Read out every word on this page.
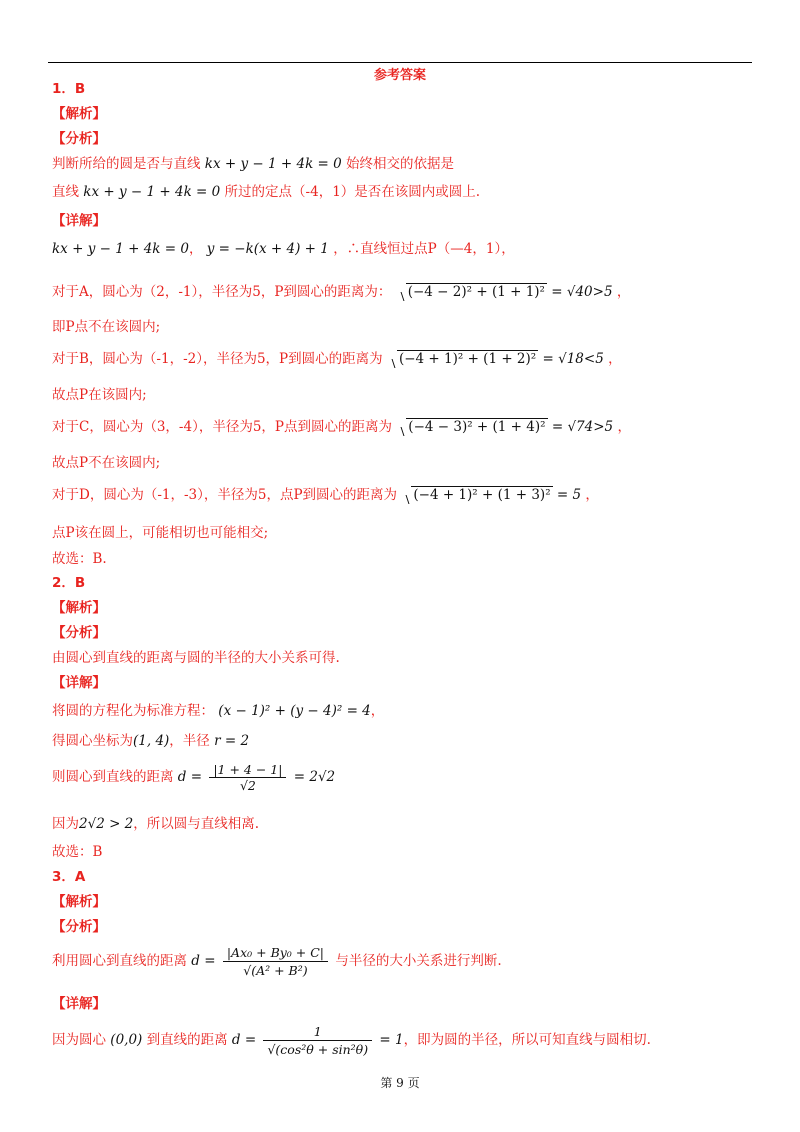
参考答案
1．B
【解析】
【分析】
判断所给的圆是否与直线 kx + y − 1 + 4k = 0 始终相交的依据是
直线 kx + y − 1 + 4k = 0 所过的定点（-4，1）是否在该圆内或圆上.
【详解】
kx + y − 1 + 4k = 0， y = −k(x + 4) + 1 ，∴直线恒过点P（—4，1），
对于A，圆心为（2，-1），半径为5，P到圆心的距离为： (−4 − 2)² + (1 + 1)² = √40>5 ，
即P点不在该圆内;
对于B，圆心为（-1，-2），半径为5，P到圆心的距离为 (−4 + 1)² + (1 + 2)² = √18<5 ，
故点P在该圆内;
对于C，圆心为（3，-4），半径为5，P点到圆心的距离为 (−4 − 3)² + (1 + 4)² = √74>5 ，
故点P不在该圆内;
对于D，圆心为（-1，-3），半径为5，点P到圆心的距离为 (−4 + 1)² + (1 + 3)² = 5 ，
点P该在圆上，可能相切也可能相交;
故选：B.
2．B
【解析】
【分析】
由圆心到直线的距离与圆的半径的大小关系可得.
【详解】
将圆的方程化为标准方程： (x − 1)² + (y − 4)² = 4，
得圆心坐标为(1, 4)，半径 r = 2
则圆心到直线的距离 $d = \frac{|1 + 4 - 1|}{√2} = 2√2$
因为2√2 > 2，所以圆与直线相离.
故选：B
3．A
【解析】
【分析】
利用圆心到直线的距离 $d = \frac{\text{|Ax₀ + By₀ + C|}}{\text{√(A² + B²)}}$ 与半径的大小关系进行判断.
【详解】
因为圆心 (0,0) 到直线的距离 $d = \frac{1}{\text{√(cos²θ + sin²θ)}} = 1$，即为圆的半径，所以可知直线与圆相切.
第 9 页
